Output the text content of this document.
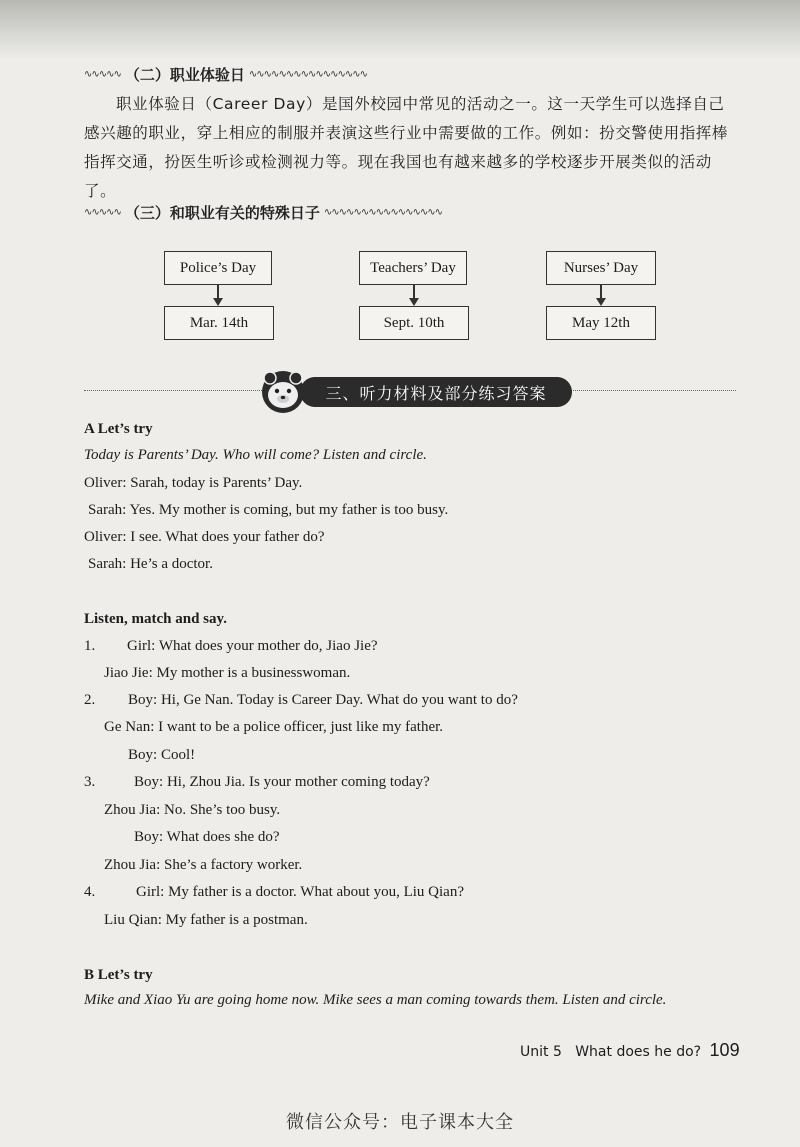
∿∿∿∿∿ （二）职业体验日 ∿∿∿∿∿∿∿∿∿∿∿∿∿∿∿∿
职业体验日（Career Day）是国外校园中常见的活动之一。这一天学生可以选择自己感兴趣的职业，穿上相应的制服并表演这些行业中需要做的工作。例如：扮交警使用指挥棒指挥交通，扮医生听诊或检测视力等。现在我国也有越来越多的学校逐步开展类似的活动了。
∿∿∿∿∿ （三）和职业有关的特殊日子 ∿∿∿∿∿∿∿∿∿∿∿∿∿∿∿∿
Police’s Day
Mar. 14th
Teachers’ Day
Sept. 10th
Nurses’ Day
May 12th
三、听力材料及部分练习答案
A Let’s try
Today is Parents’ Day. Who will come? Listen and circle.
Oliver: Sarah, today is Parents’ Day.
Sarah: Yes. My mother is coming, but my father is too busy.
Oliver: I see. What does your father do?
Sarah: He’s a doctor.
Listen, match and say.
1. Girl: What does your mother do, Jiao Jie?
Jiao Jie: My mother is a businesswoman.
2. Boy: Hi, Ge Nan. Today is Career Day. What do you want to do?
Ge Nan: I want to be a police officer, just like my father.
Boy: Cool!
3.	Boy: Hi, Zhou Jia. Is your mother coming today?
Zhou Jia: No. She’s too busy.
Boy: What does she do?
Zhou Jia: She’s a factory worker.
4.	Girl: My father is a doctor. What about you, Liu Qian?
Liu Qian: My father is a postman.
B Let’s try
Mike and Xiao Yu are going home now. Mike sees a man coming towards them. Listen and circle.
Unit 5 What does he do? 109
微信公众号：电子课本大全
